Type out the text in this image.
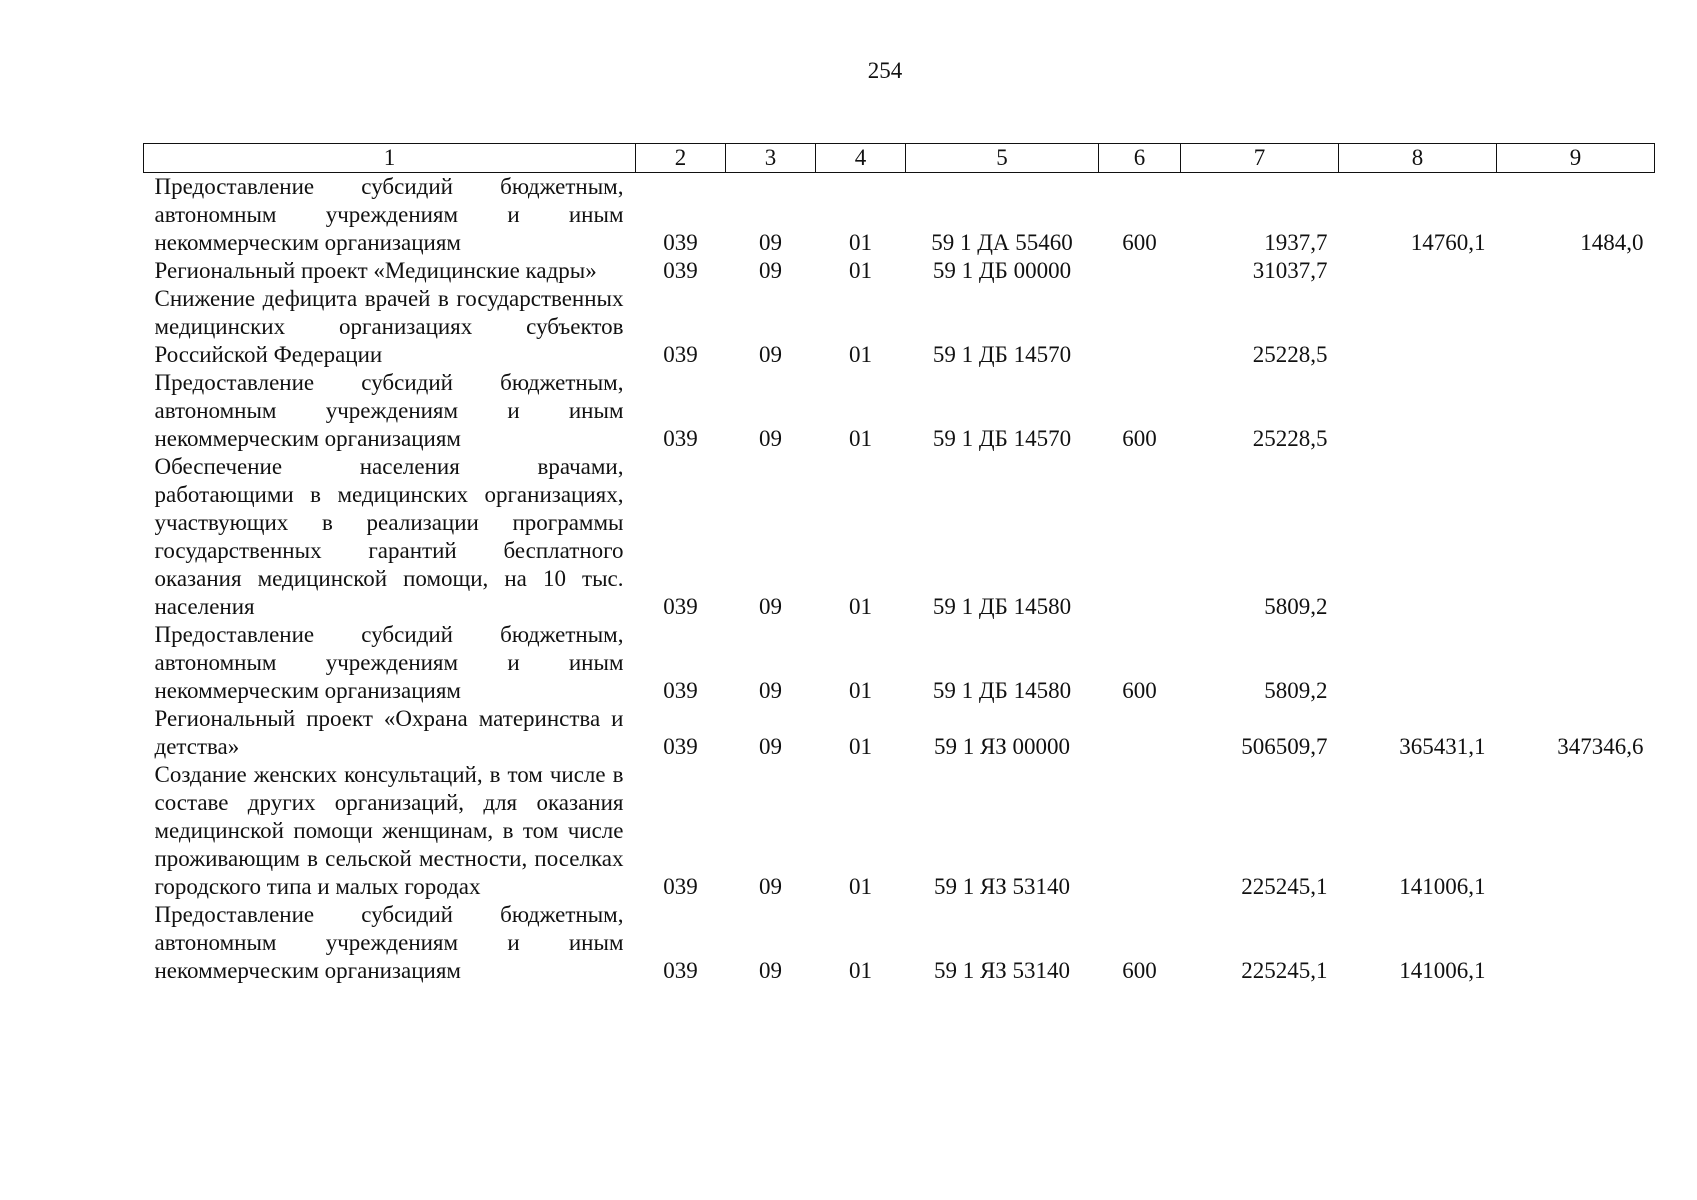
254
1	2	3	4	5	6	7	8	9
Предоставление субсидий бюджетным, автономным учреждениям и иным некоммерческим организациям	039	09	01	59 1 ДА 55460	600	1937,7	14760,1	1484,0
Региональный проект «Медицинские кадры»	039	09	01	59 1 ДБ 00000		31037,7		
Снижение дефицита врачей в государственных медицинских организациях субъектов Российской Федерации	039	09	01	59 1 ДБ 14570		25228,5		
Предоставление субсидий бюджетным, автономным учреждениям и иным некоммерческим организациям	039	09	01	59 1 ДБ 14570	600	25228,5		
Обеспечение населения врачами, работающими в медицинских организациях, участвующих в реализации программы государственных гарантий бесплатного оказания медицинской помощи, на 10 тыс. населения	039	09	01	59 1 ДБ 14580		5809,2		
Предоставление субсидий бюджетным, автономным учреждениям и иным некоммерческим организациям	039	09	01	59 1 ДБ 14580	600	5809,2		
Региональный проект «Охрана материнства и детства»	039	09	01	59 1 ЯЗ 00000		506509,7	365431,1	347346,6
Создание женских консультаций, в том числе в составе других организаций, для оказания медицинской помощи женщинам, в том числе проживающим в сельской местности, поселках городского типа и малых городах	039	09	01	59 1 ЯЗ 53140		225245,1	141006,1	
Предоставление субсидий бюджетным, автономным учреждениям и иным некоммерческим организациям	039	09	01	59 1 ЯЗ 53140	600	225245,1	141006,1	
